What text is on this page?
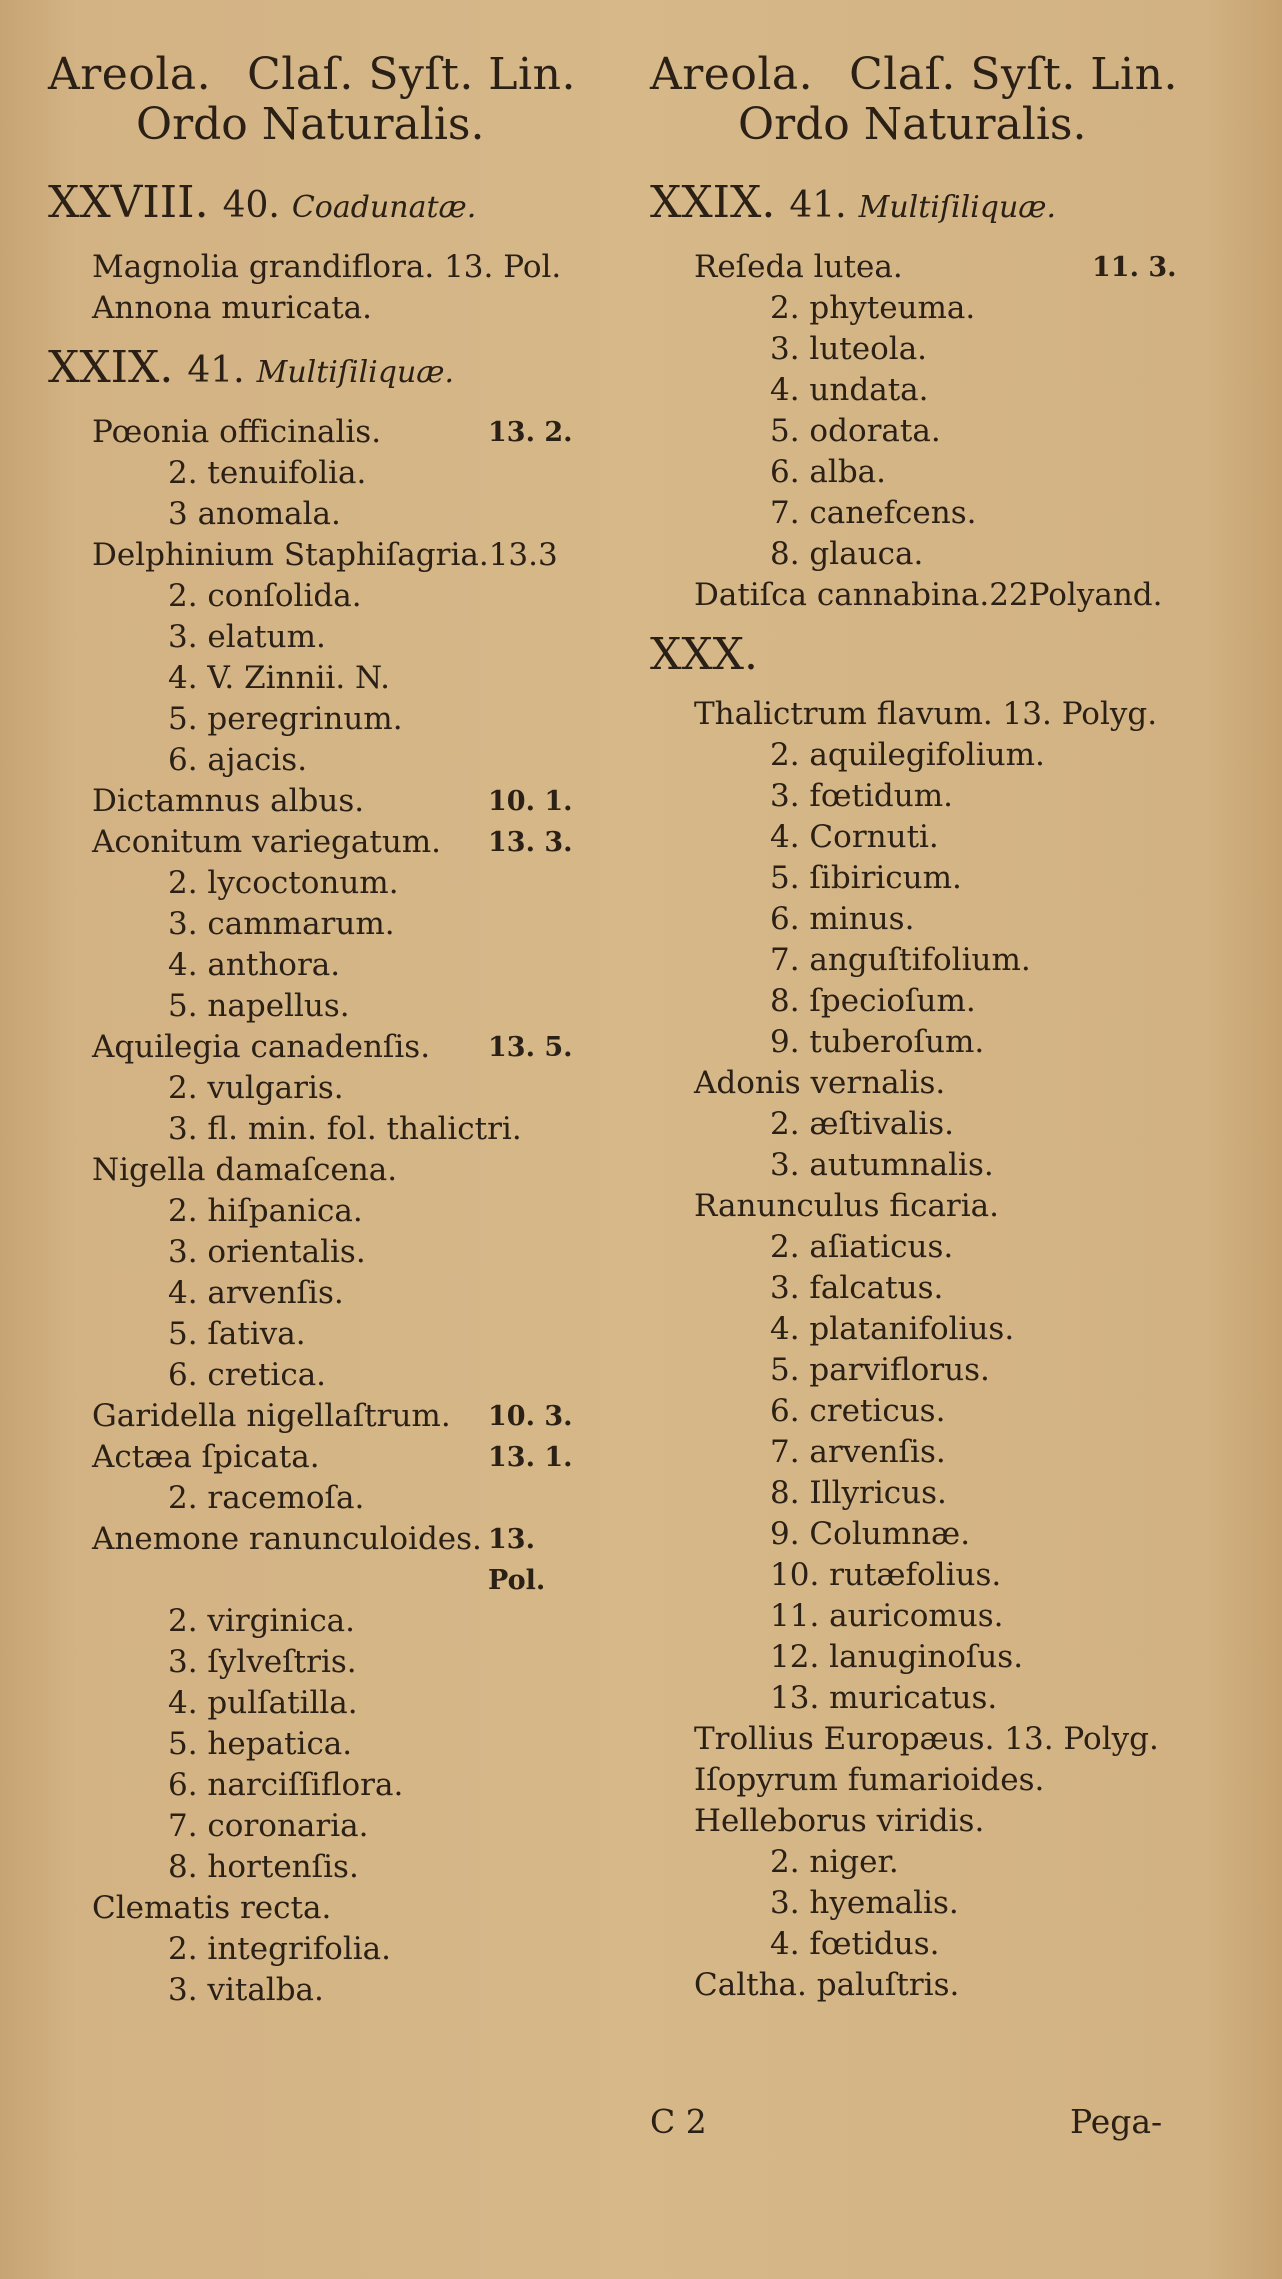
Areola. Claſ. Syſt. Lin.
Ordo Naturalis.
XXVIII. 40. Coadunatæ.
Magnolia grandiflora. 13. Pol.
Annona muricata.
XXIX. 41. Multiſiliquæ.
Pœonia officinalis.	13. 2.
2. tenuifolia.
3 anomala.
Delphinium Staphiſagria.13.3
2. conſolida.
3. elatum.
4. V. Zinnii. N.
5. peregrinum.
6. ajacis.
Dictamnus albus.	10. 1.
Aconitum variegatum. 13. 3.
2. lycoctonum.
3. cammarum.
4. anthora.
5. napellus.
Aquilegia canadenſis. 13. 5.
2. vulgaris.
3. fl. min. fol. thalictri.
Nigella damaſcena.
2. hiſpanica.
3. orientalis.
4. arvenſis.
5. ſativa.
6. cretica.
Garidella nigellaſtrum. 10. 3.
Actæa ſpicata.	13. 1.
2. racemoſa.
Anemone ranunculoides. 13.
Pol.
2. virginica.
3. ſylveſtris.
4. pulſatilla.
5. hepatica.
6. narciſſiflora.
7. coronaria.
8. hortenſis.
Clematis recta.
2. integrifolia.
3. vitalba.
Areola. Claſ. Syſt. Lin.
Ordo Naturalis.
XXIX. 41. Multiſiliquæ.
Reſeda lutea.	11. 3.
2. phyteuma.
3. luteola.
4. undata.
5. odorata.
6. alba.
7. canefcens.
8. glauca.
Datiſca cannabina.22Polyand.
XXX.
Thalictrum flavum. 13. Polyg.
2. aquilegifolium.
3. fœtidum.
4. Cornuti.
5. ſibiricum.
6. minus.
7. anguſtifolium.
8. ſpecioſum.
9. tuberoſum.
Adonis vernalis.
2. æſtivalis.
3. autumnalis.
Ranunculus ficaria.
2. aſiaticus.
3. falcatus.
4. platanifolius.
5. parviflorus.
6. creticus.
7. arvenſis.
8. Illyricus.
9. Columnæ.
10. rutæfolius.
11. auricomus.
12. lanuginoſus.
13. muricatus.
Trollius Europæus. 13. Polyg.
Iſopyrum fumarioides.
Helleborus viridis.
2. niger.
3. hyemalis.
4. fœtidus.
Caltha. paluſtris.
C 2	Pega-
